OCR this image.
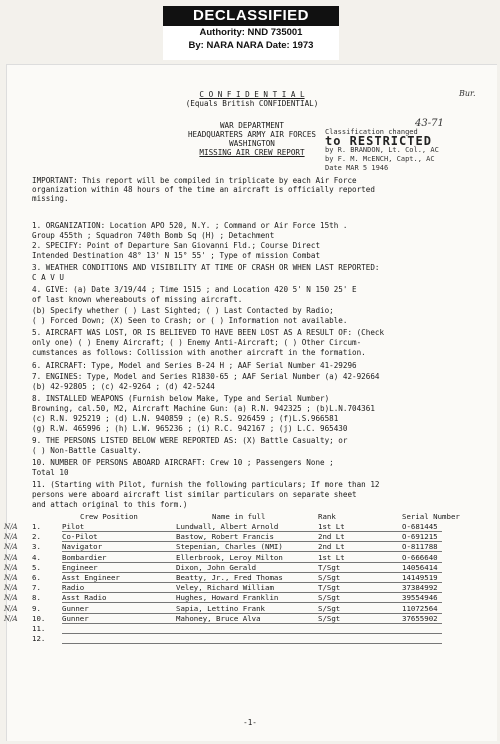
DECLASSIFIED
Authority: NND 735001
By: NARA NARA Date: 1973
Bur.
43-71
C O N F I D E N T I A L
(Equals British CONFIDENTIAL)
WAR DEPARTMENT
HEADQUARTERS ARMY AIR FORCES
WASHINGTON
MISSING AIR CREW REPORT
Classification changed
to RESTRICTED
by R. BRANDON, Lt. Col., AC
by F. M. McENCH, Capt., AC
Date MAR 5 1946
IMPORTANT: This report will be compiled in triplicate by each Air Force
organization within 48 hours of the time an aircraft is officially reported
missing.
1. ORGANIZATION: Location APO 520, N.Y. ; Command or Air Force 15th .
Group 455th ; Squadron 740th Bomb Sq (H) ; Detachment
2. SPECIFY: Point of Departure San Giovanni Fld.; Course Direct
Intended Destination 48° 13' N 15° 55' ; Type of mission Combat
3. WEATHER CONDITIONS AND VISIBILITY AT TIME OF CRASH OR WHEN LAST REPORTED:
C A V U
4. GIVE: (a) Date 3/19/44 ; Time 1515 ; and Location 420 5' N 150 25' E
of last known whereabouts of missing aircraft.
(b) Specify whether ( ) Last Sighted; ( ) Last Contacted by Radio;
( ) Forced Down; (X) Seen to Crash; or ( ) Information not available.
5. AIRCRAFT WAS LOST, OR IS BELIEVED TO HAVE BEEN LOST AS A RESULT OF: (Check
only one) ( ) Enemy Aircraft; ( ) Enemy Anti-Aircraft; ( ) Other Circum-
cumstances as follows: Collission with another aircraft in the formation.
6. AIRCRAFT: Type, Model and Series B-24 H ; AAF Serial Number 41-29296
7. ENGINES: Type, Model and Series R1830-65 ; AAF Serial Number (a) 42-92664
(b) 42-92805 ; (c) 42-9264 ; (d) 42-5244
8. INSTALLED WEAPONS (Furnish below Make, Type and Serial Number)
Browning, cal.50, M2, Aircraft Machine Gun: (a) R.N. 942325 ; (b)L.N.704361
(c) R.N. 925219 ; (d) L.N. 940859 ; (e) R.S. 926459 ; (f)L.S.966581
(g) R.W. 465996 ; (h) L.W. 965236 ; (i) R.C. 942167 ; (j) L.C. 965430
9. THE PERSONS LISTED BELOW WERE REPORTED AS: (X) Battle Casualty; or
( ) Non-Battle Casualty.
10. NUMBER OF PERSONS ABOARD AIRCRAFT: Crew 10 ; Passengers None ;
Total 10
11. (Starting with Pilot, furnish the following particulars; If more than 12
persons were aboard aircraft list similar particulars on separate sheet
and attach original to this form.)
Crew Position	Name in full	Rank	Serial Number
N/A 1.	Pilot	Lundwall, Albert Arnold	1st Lt	O-681445
N/A 2.	Co-Pilot	Bastow, Robert Francis	2nd Lt	O-691215
N/A 3.	Navigator	Stepenian, Charles (NMI)	2nd Lt	O-811788
N/A 4.	Bombardier	Ellerbrook, Leroy Milton	1st Lt	O-666640
N/A 5.	Engineer	Dixon, John Gerald	T/Sgt	14056414
N/A 6.	Asst Engineer	Beatty, Jr., Fred Thomas	S/Sgt	14149519
N/A 7.	Radio	Veley, Richard William	T/Sgt	37384992
N/A 8.	Asst Radio	Hughes, Howard Franklin	S/Sgt	39554946
N/A 9.	Gunner	Sapia, Lettino Frank	S/Sgt	11072564
N/A 10. Gunner	Mahoney, Bruce Alva	S/Sgt	37655902
11.
12.
-1-
